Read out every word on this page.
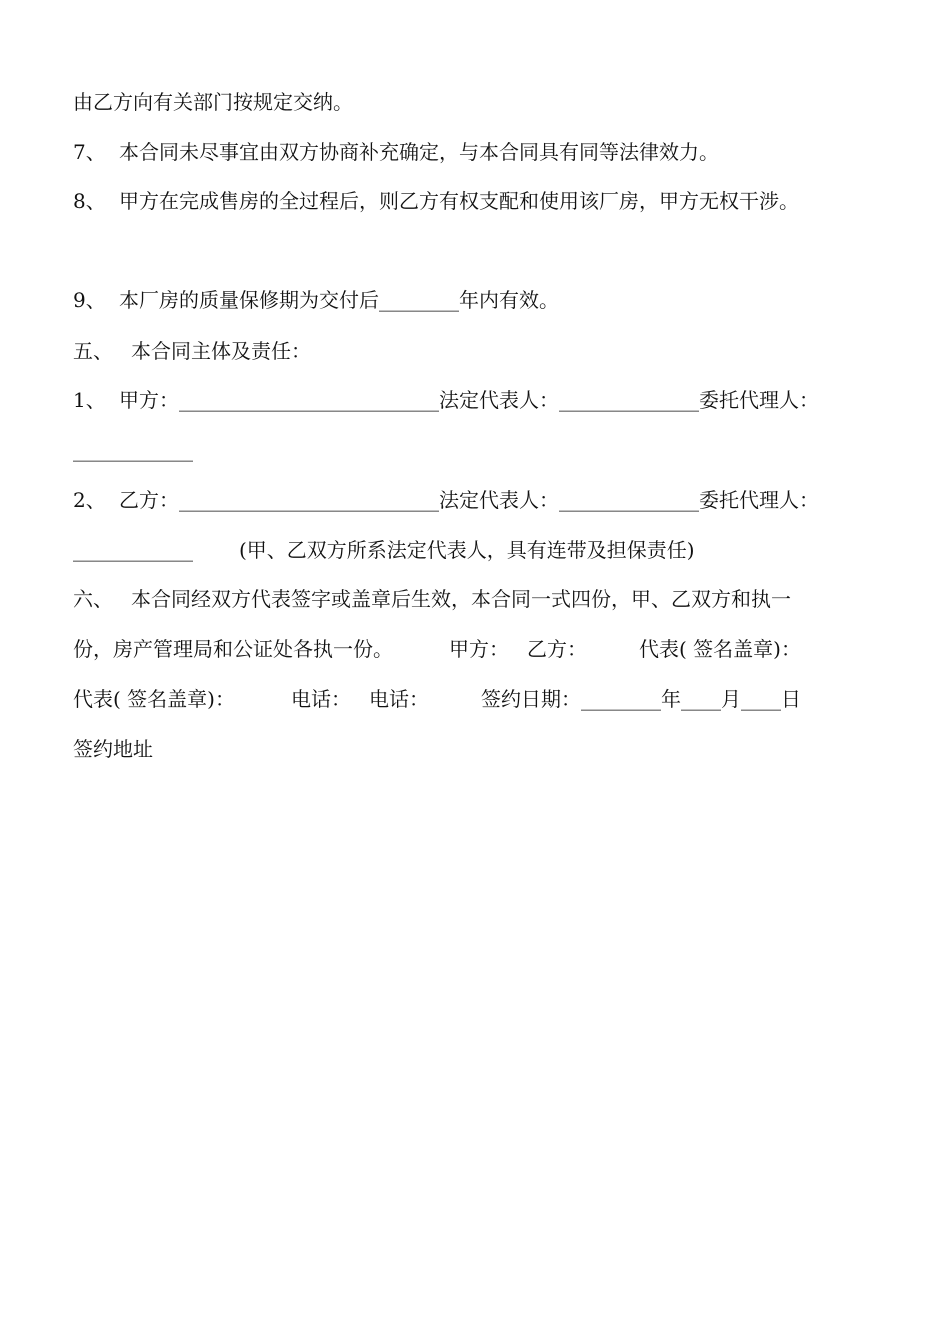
由乙方向有关部门按规定交纳。
7、 本合同未尽事宜由双方协商补充确定，与本合同具有同等法律效力。
8、 甲方在完成售房的全过程后，则乙方有权支配和使用该厂房，甲方无权干涉。
9、 本厂房的质量保修期为交付后________年内有效。
五、 本合同主体及责任：
1、 甲方：__________________________法定代表人：______________委托代理人：
____________
2、 乙方：__________________________法定代表人：______________委托代理人：
____________ (甲、乙双方所系法定代表人，具有连带及担保责任)
六、 本合同经双方代表签字或盖章后生效，本合同一式四份，甲、乙双方和执一
份，房产管理局和公证处各执一份。	甲方： 乙方：	代表( 签名盖章)：
代表( 签名盖章)：	电话： 电话：	签约日期：________年____月____日
签约地址
